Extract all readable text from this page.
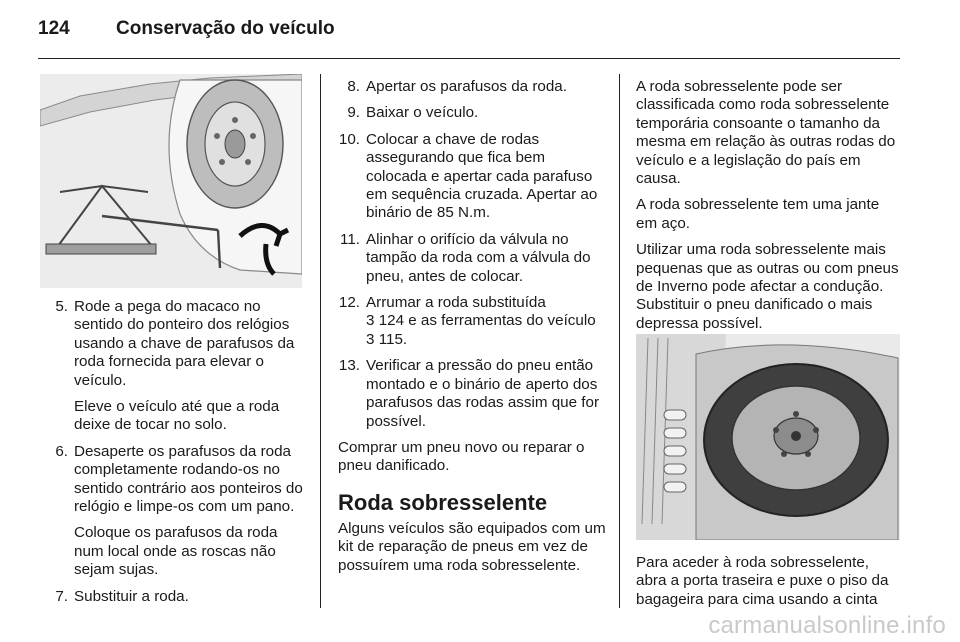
124 Conservação do veículo
5. Rode a pega do macaco no sentido do ponteiro dos relógios usando a chave de parafusos da roda fornecida para elevar o veículo.
Eleve o veículo até que a roda deixe de tocar no solo.
6. Desaperte os parafusos da roda completamente rodando-os no sentido contrário aos ponteiros do relógio e limpe-os com um pano.
Coloque os parafusos da roda num local onde as roscas não sejam sujas.
7. Substituir a roda.
8. Apertar os parafusos da roda.
9. Baixar o veículo.
10. Colocar a chave de rodas assegurando que fica bem colocada e apertar cada parafuso em sequência cruzada. Apertar ao binário de 85 N.m.
11. Alinhar o orifício da válvula no tampão da roda com a válvula do pneu, antes de colocar.
12. Arrumar a roda substituída
3 124 e as ferramentas do veículo 3 115.
13. Verificar a pressão do pneu então montado e o binário de aperto dos parafusos das rodas assim que for possível.

Comprar um pneu novo ou reparar o pneu danificado.

Roda sobresselente

Alguns veículos são equipados com um kit de reparação de pneus em vez de possuírem uma roda sobresselente.

A roda sobresselente pode ser classificada como roda sobresselente temporária consoante o tamanho da mesma em relação às outras rodas do veículo e a legislação do país em causa.

A roda sobresselente tem uma jante em aço.

Utilizar uma roda sobresselente mais pequenas que as outras ou com pneus de Inverno pode afectar a condução. Substituir o pneu danificado o mais depressa possível.

Para aceder à roda sobresselente, abra a porta traseira e puxe o piso da bagageira para cima usando a cinta

carmanualsonline.info
